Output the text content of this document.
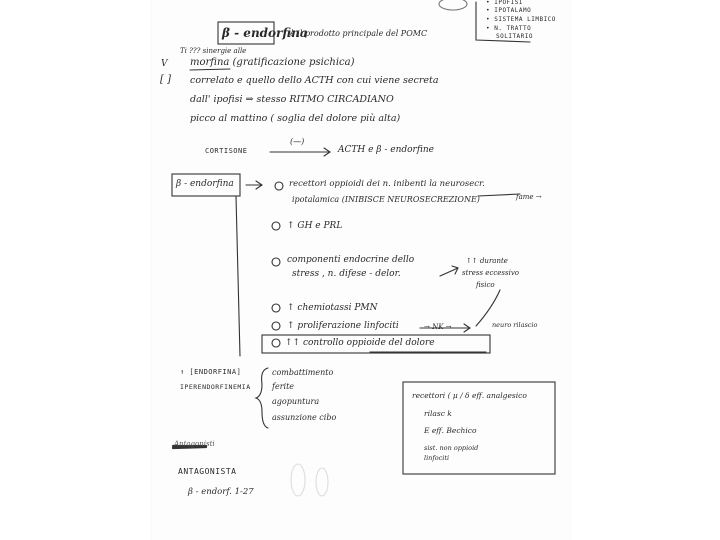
• IPOFISI
• IPOTALAMO
• SISTEMA LIMBICO
• N. TRATTO
SOLITARIO
β - endorfina
è il prodotto principale del POMC
Ti ??? sinergie alle
V morfina (gratificazione psichica)
[ ] correlato e quello dello ACTH con cui viene secreta
dall' ipofisi ⇒ stesso RITMO CIRCADIANO
picco al mattino ( soglia del dolore più alta)
CORTISONE
(—)
ACTH e β - endorfine
β - endorfina	recettori oppioidi dei n. inibenti la neurosecr.
ipotalamica (INIBISCE NEUROSECREZIONE)	fame →
↑ GH e PRL
componenti endocrine dello
stress , n. difese - delor.
↑↑ durante
stress eccessivo
fisico
↑ chemiotassi PMN
↑ proliferazione linfociti	→ NK →	neuro rilascio
↑↑ controllo oppioide del dolore
↑ [ENDORFINA]
IPERENDORFINEMIA
combattimento
ferite
agopuntura
assunzione cibo
recettori ( μ / δ eff. analgesico
rilasc k
E eff. Bechico
sist. non oppioid
linfociti
Antagonisti
ANTAGONISTA
β - endorf. 1-27
